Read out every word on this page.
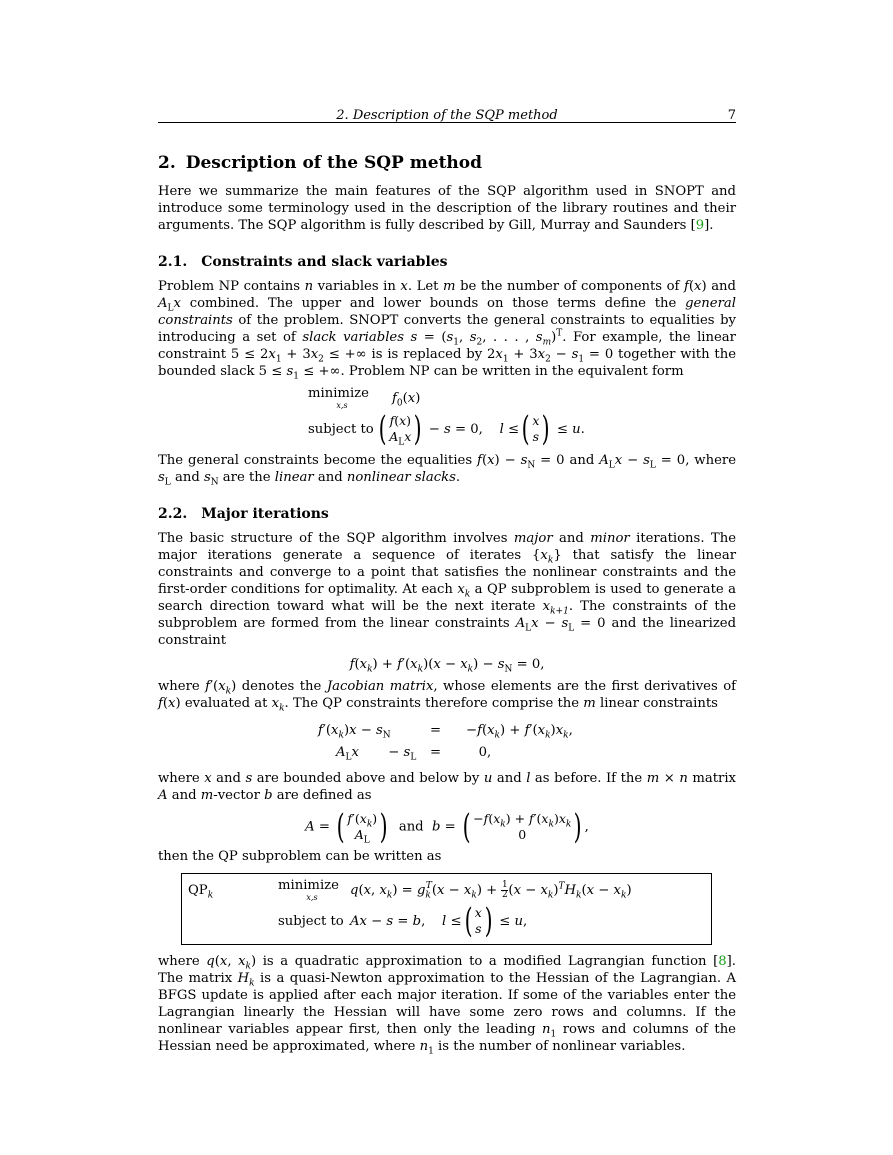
2. Description of the SQP method	7
2. Description of the SQP method

Here we summarize the main features of the SQP algorithm used in SNOPT and introduce some terminology used in the description of the library routines and their arguments. The SQP algorithm is fully described by Gill, Murray and Saunders [9].

2.1. Constraints and slack variables

Problem NP contains n variables in x. Let m be the number of components of f(x) and $A_Lx$ combined. The upper and lower bounds on those terms define the general constraints of the problem. SNOPT converts the general constraints to equalities by introducing a set of slack variables $s = (s_1$, $s_2$, . . . , $s_m)^T$. For example, the linear constraint $5 \le 2x_1 + 3x_2$ ≤ +∞ is is replaced by $2x_1 + 3x_2 - s_1 = 0$ together with the bounded slack $5 \le s_1$ ≤ +∞. Problem NP can be written in the equivalent form

minimize
x,s	$f_0(x)$
subject to ( f(x)
$A_Lx$ ) − s = 0,    l ≤ ( x
s ) ≤ u.

The general constraints become the equalities $f(x) - s_N = 0$ and $A_Lx - s_L = 0$, where $s_L$ and $s_N$ are the linear and nonlinear slacks.

2.2. Major iterations

The basic structure of the SQP algorithm involves major and minor iterations. The major iterations generate a sequence of iterates $\{x_k\}$ that satisfy the linear constraints and converge to a point that satisfies the nonlinear constraints and the first-order conditions for optimality. At each $x_k$ a QP subproblem is used to generate a search direction toward what will be the next iterate $x_{k+1}$. The constraints of the subproblem are formed from the linear constraints $A_Lx - s_L = 0$ and the linearized constraint

$f(x_k) + f'(x_k)(x - x_k) - s_N = 0$,

where $f'(x_k)$ denotes the Jacobian matrix, whose elements are the first derivatives of f(x) evaluated at $x_k$. The QP constraints therefore comprise the m linear constraints

$f'(x_k)x - s_N$	= $-f(x_k) + f'(x_k)x_k$,
$A_Lx$       − $s_L = 0$,

where x and s are bounded above and below by u and l as before. If the m × n matrix A and m-vector b are defined as

A = ( $f'(x_k)$
$A_L$ ) and b = ( $-f(x_k) + f'(x_k)x_k$
0 ) ,

then the QP subproblem can be written as

$QP_k$
minimize
x,s	q(x, $x_k) = g_k^T(x - x_k) + \frac{1}{2} (x - x_k)^TH_k(x - x_k)$
subject to Ax − s = b,    l ≤ ( x
s ) ≤ u,

where q(x, $x_k$) is a quadratic approximation to a modified Lagrangian function [8]. The matrix $H_k$ is a quasi-Newton approximation to the Hessian of the Lagrangian. A BFGS update is applied after each major iteration. If some of the variables enter the Lagrangian linearly the Hessian will have some zero rows and columns. If the nonlinear variables appear first, then only the leading $n_1$ rows and columns of the Hessian need be approximated, where $n_1$ is the number of nonlinear variables.
